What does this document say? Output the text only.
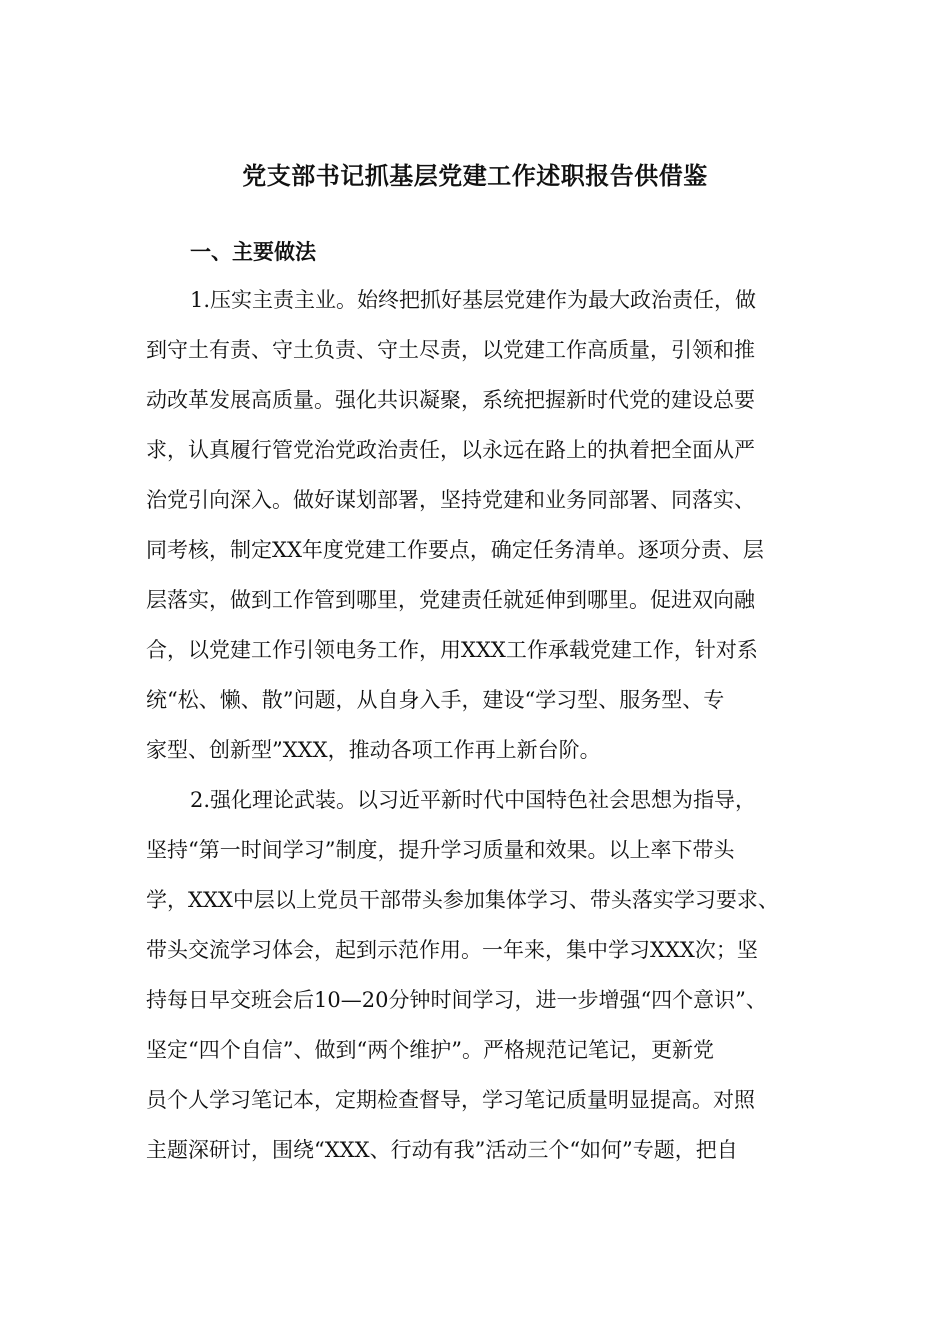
党支部书记抓基层党建工作述职报告供借鉴
一、主要做法
1.压实主责主业。始终把抓好基层党建作为最大政治责任，做
到守土有责、守土负责、守土尽责，以党建工作高质量，引领和推
动改革发展高质量。强化共识凝聚，系统把握新时代党的建设总要
求，认真履行管党治党政治责任，以永远在路上的执着把全面从严
治党引向深入。做好谋划部署，坚持党建和业务同部署、同落实、
同考核，制定XX年度党建工作要点，确定任务清单。逐项分责、层
层落实，做到工作管到哪里，党建责任就延伸到哪里。促进双向融
合，以党建工作引领电务工作，用XXX工作承载党建工作，针对系
统“松、懒、散”问题，从自身入手，建设“学习型、服务型、专
家型、创新型”XXX，推动各项工作再上新台阶。
2.强化理论武装。以习近平新时代中国特色社会思想为指导，
坚持“第一时间学习”制度，提升学习质量和效果。以上率下带头
学，XXX中层以上党员干部带头参加集体学习、带头落实学习要求、
带头交流学习体会，起到示范作用。一年来，集中学习XXX次；坚
持每日早交班会后10—20分钟时间学习，进一步增强“四个意识”、
坚定“四个自信”、做到“两个维护”。严格规范记笔记，更新党
员个人学习笔记本，定期检查督导，学习笔记质量明显提高。对照
主题深研讨，围绕“XXX、行动有我”活动三个“如何”专题，把自
